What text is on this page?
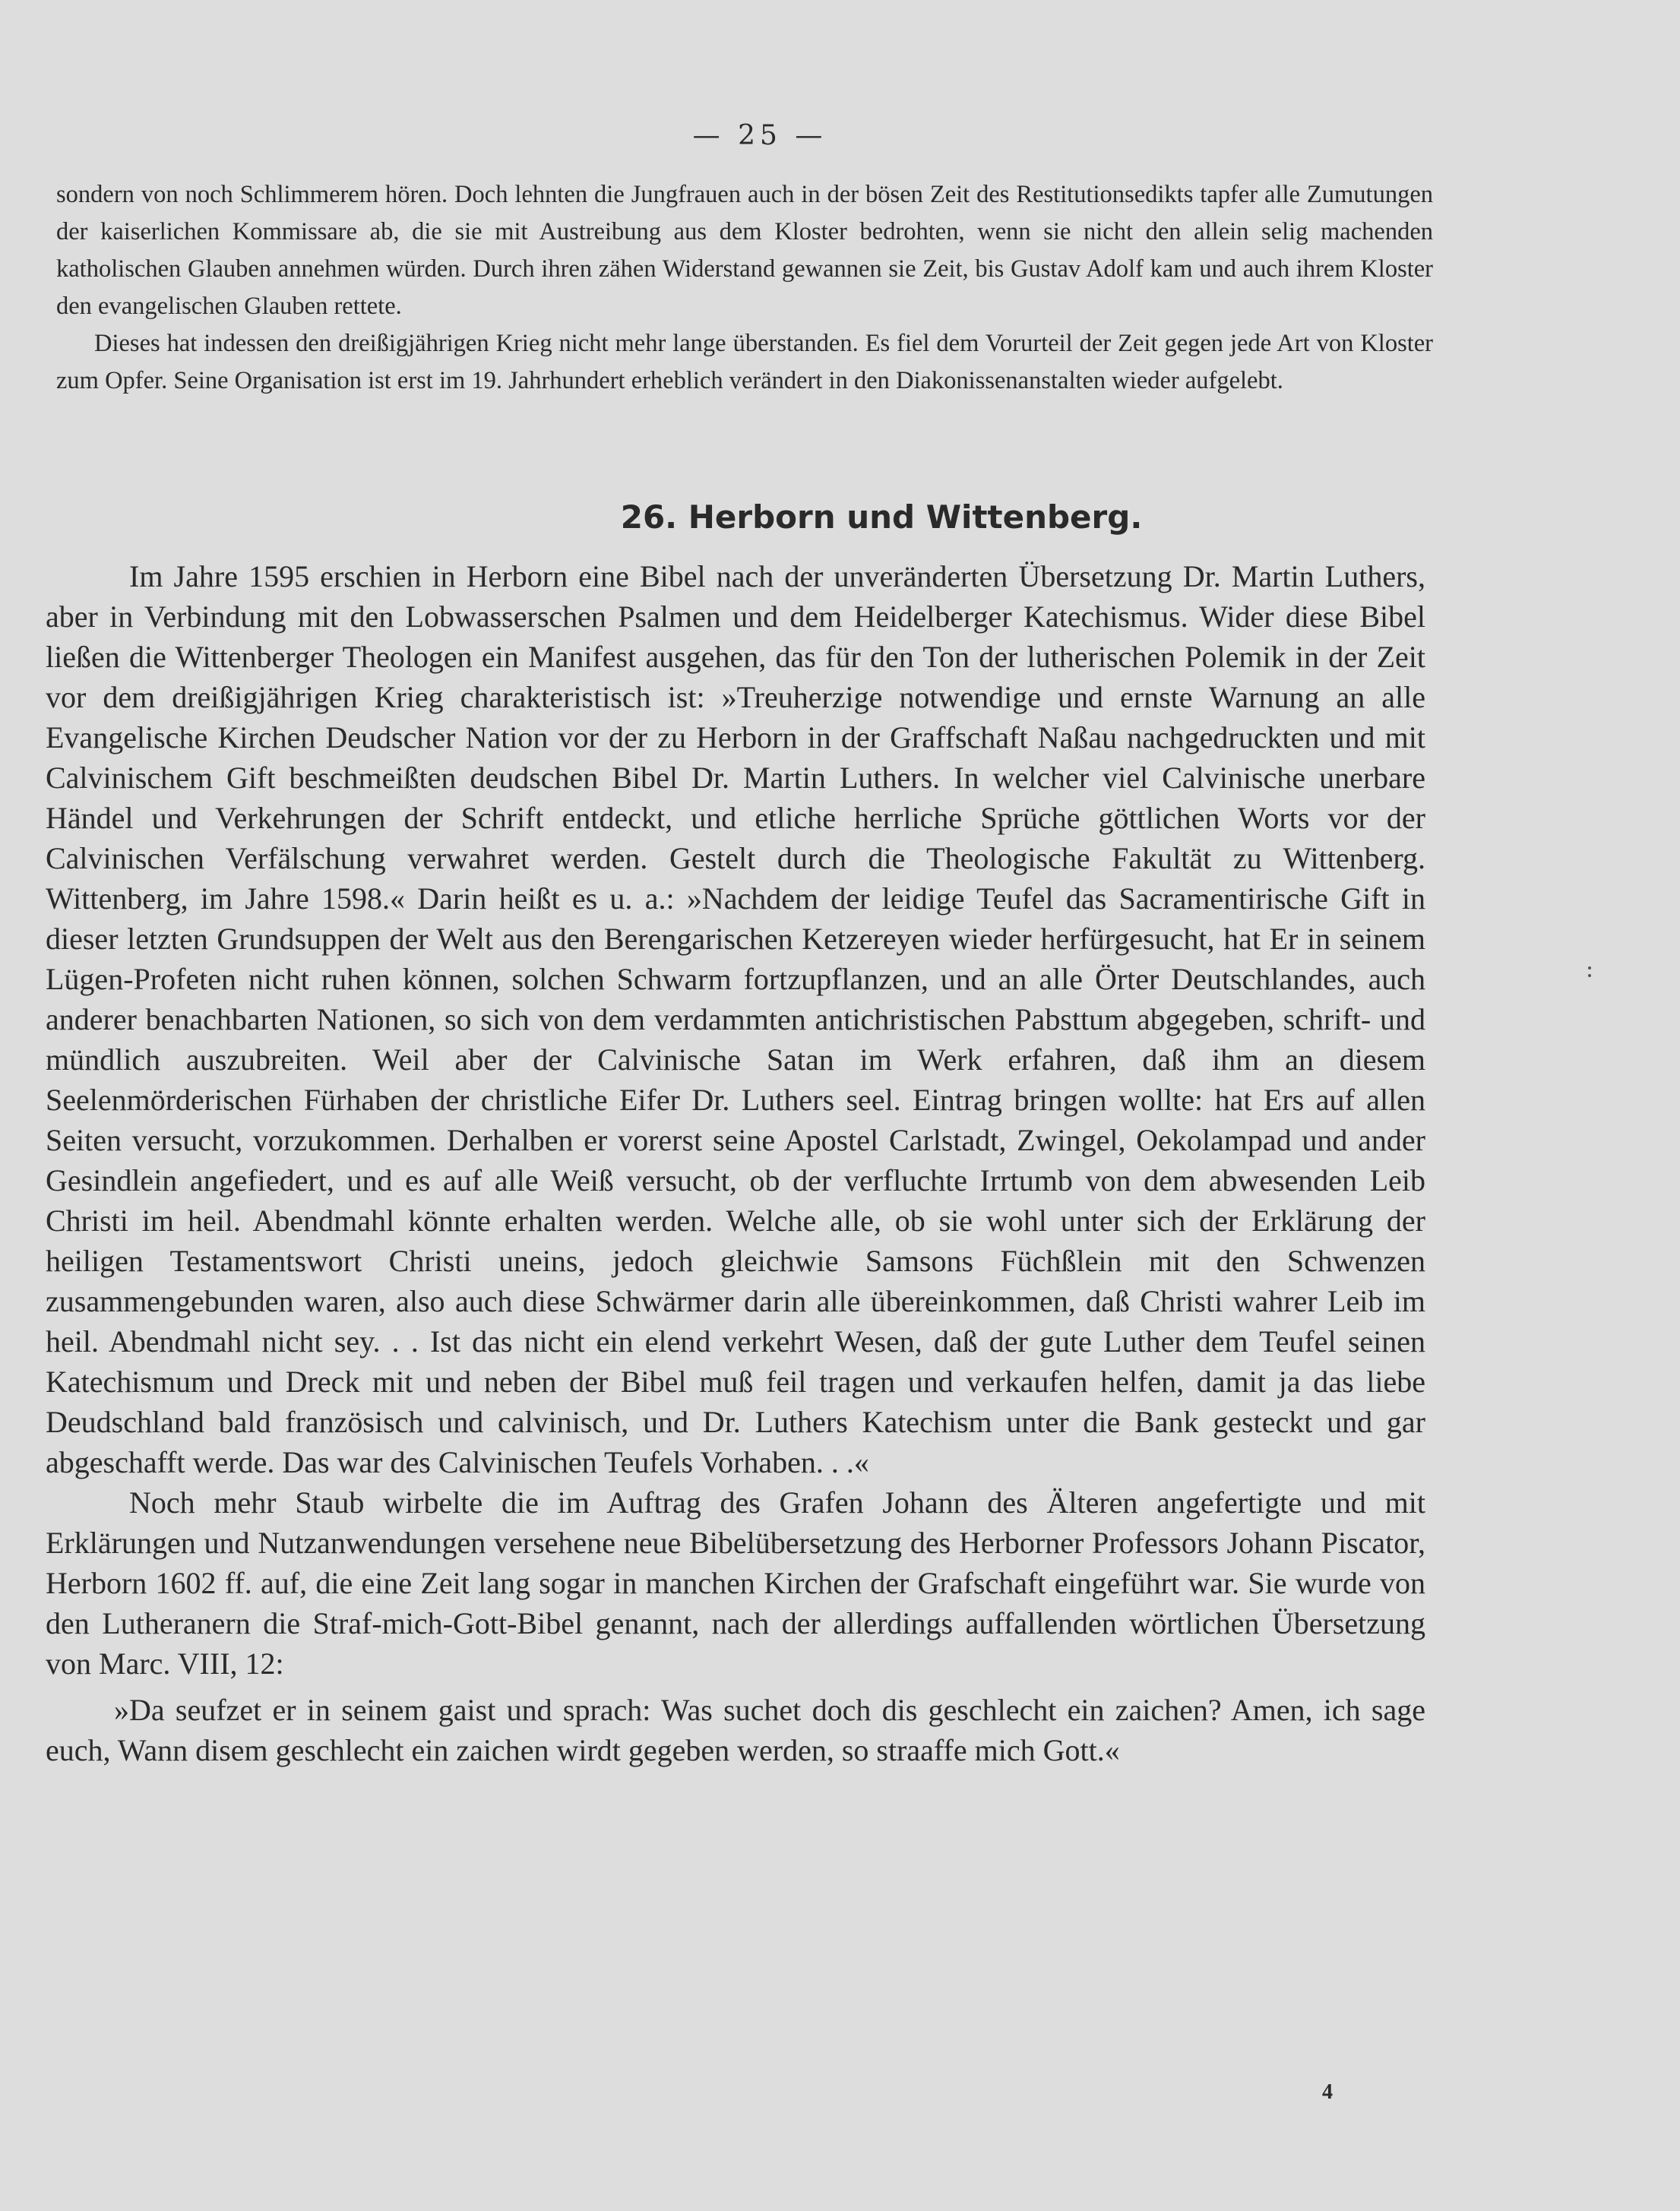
— 25 —

sondern von noch Schlimmerem hören. Doch lehnten die Jungfrauen auch in der bösen Zeit des Restitutionsedikts tapfer alle Zumutungen der kaiserlichen Kommissare ab, die sie mit Austreibung aus dem Kloster bedrohten, wenn sie nicht den allein selig machenden katholischen Glauben annehmen würden. Durch ihren zähen Widerstand gewannen sie Zeit, bis Gustav Adolf kam und auch ihrem Kloster den evangelischen Glauben rettete.

Dieses hat indessen den dreißigjährigen Krieg nicht mehr lange überstanden. Es fiel dem Vorurteil der Zeit gegen jede Art von Kloster zum Opfer. Seine Organisation ist erst im 19. Jahrhundert erheblich verändert in den Diakonissenanstalten wieder aufgelebt.

26. Herborn und Wittenberg.

Im Jahre 1595 erschien in Herborn eine Bibel nach der unveränderten Übersetzung Dr. Martin Luthers, aber in Verbindung mit den Lobwasserschen Psalmen und dem Heidelberger Katechismus. Wider diese Bibel ließen die Wittenberger Theologen ein Manifest ausgehen, das für den Ton der lutherischen Polemik in der Zeit vor dem dreißigjährigen Krieg charakteristisch ist: »Treuherzige notwendige und ernste Warnung an alle Evangelische Kirchen Deudscher Nation vor der zu Herborn in der Graffschaft Naßau nachgedruckten und mit Calvinischem Gift beschmeißten deudschen Bibel Dr. Martin Luthers. In welcher viel Calvinische unerbare Händel und Verkehrungen der Schrift entdeckt, und etliche herrliche Sprüche göttlichen Worts vor der Calvinischen Verfälschung verwahret werden. Gestelt durch die Theologische Fakultät zu Wittenberg. Wittenberg, im Jahre 1598.« Darin heißt es u. a.: »Nachdem der leidige Teufel das Sacramentirische Gift in dieser letzten Grundsuppen der Welt aus den Berengarischen Ketzereyen wieder herfürgesucht, hat Er in seinem Lügen-Profeten nicht ruhen können, solchen Schwarm fortzupflanzen, und an alle Örter Deutschlandes, auch anderer benachbarten Nationen, so sich von dem verdammten antichristischen Pabsttum abgegeben, schrift- und mündlich auszubreiten. Weil aber der Calvinische Satan im Werk erfahren, daß ihm an diesem Seelenmörderischen Fürhaben der christliche Eifer Dr. Luthers seel. Eintrag bringen wollte: hat Ers auf allen Seiten versucht, vorzukommen. Derhalben er vorerst seine Apostel Carlstadt, Zwingel, Oekolampad und ander Gesindlein angefiedert, und es auf alle Weiß versucht, ob der verfluchte Irrtumb von dem abwesenden Leib Christi im heil. Abendmahl könnte erhalten werden. Welche alle, ob sie wohl unter sich der Erklärung der heiligen Testamentswort Christi uneins, jedoch gleichwie Samsons Füchßlein mit den Schwenzen zusammengebunden waren, also auch diese Schwärmer darin alle übereinkommen, daß Christi wahrer Leib im heil. Abendmahl nicht sey. . . Ist das nicht ein elend verkehrt Wesen, daß der gute Luther dem Teufel seinen Katechismum und Dreck mit und neben der Bibel muß feil tragen und verkaufen helfen, damit ja das liebe Deudschland bald französisch und calvinisch, und Dr. Luthers Katechism unter die Bank gesteckt und gar abgeschafft werde. Das war des Calvinischen Teufels Vorhaben. . .«

Noch mehr Staub wirbelte die im Auftrag des Grafen Johann des Älteren angefertigte und mit Erklärungen und Nutzanwendungen versehene neue Bibelübersetzung des Herborner Professors Johann Piscator, Herborn 1602 ff. auf, die eine Zeit lang sogar in manchen Kirchen der Grafschaft eingeführt war. Sie wurde von den Lutheranern die Straf-mich-Gott-Bibel genannt, nach der allerdings auffallenden wörtlichen Übersetzung von Marc. VIII, 12:

»Da seufzet er in seinem gaist und sprach: Was suchet doch dis geschlecht ein zaichen? Amen, ich sage euch, Wann disem geschlecht ein zaichen wirdt gegeben werden, so straaffe mich Gott.«

4
